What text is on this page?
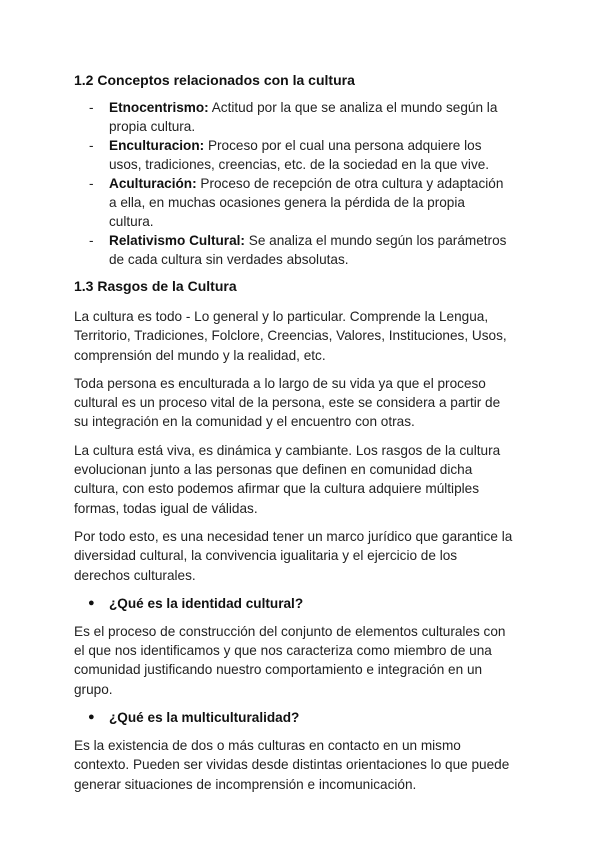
1.2 Conceptos relacionados con la cultura
- Etnocentrismo: Actitud por la que se analiza el mundo según la
propia cultura.
- Enculturacion: Proceso por el cual una persona adquiere los
usos, tradiciones, creencias, etc. de la sociedad en la que vive.
- Aculturación: Proceso de recepción de otra cultura y adaptación
a ella, en muchas ocasiones genera la pérdida de la propia
cultura.
- Relativismo Cultural: Se analiza el mundo según los parámetros
de cada cultura sin verdades absolutas.
1.3 Rasgos de la Cultura

La cultura es todo - Lo general y lo particular. Comprende la Lengua,
Territorio, Tradiciones, Folclore, Creencias, Valores, Instituciones, Usos,
comprensión del mundo y la realidad, etc.

Toda persona es enculturada a lo largo de su vida ya que el proceso
cultural es un proceso vital de la persona, este se considera a partir de
su integración en la comunidad y el encuentro con otras.

La cultura está viva, es dinámica y cambiante. Los rasgos de la cultura
evolucionan junto a las personas que definen en comunidad dicha
cultura, con esto podemos afirmar que la cultura adquiere múltiples
formas, todas igual de válidas.

Por todo esto, es una necesidad tener un marco jurídico que garantice la
diversidad cultural, la convivencia igualitaria y el ejercicio de los
derechos culturales.

● ¿Qué es la identidad cultural?

Es el proceso de construcción del conjunto de elementos culturales con
el que nos identificamos y que nos caracteriza como miembro de una
comunidad justificando nuestro comportamiento e integración en un
grupo.

● ¿Qué es la multiculturalidad?

Es la existencia de dos o más culturas en contacto en un mismo
contexto. Pueden ser vividas desde distintas orientaciones lo que puede
generar situaciones de incomprensión e incomunicación.
